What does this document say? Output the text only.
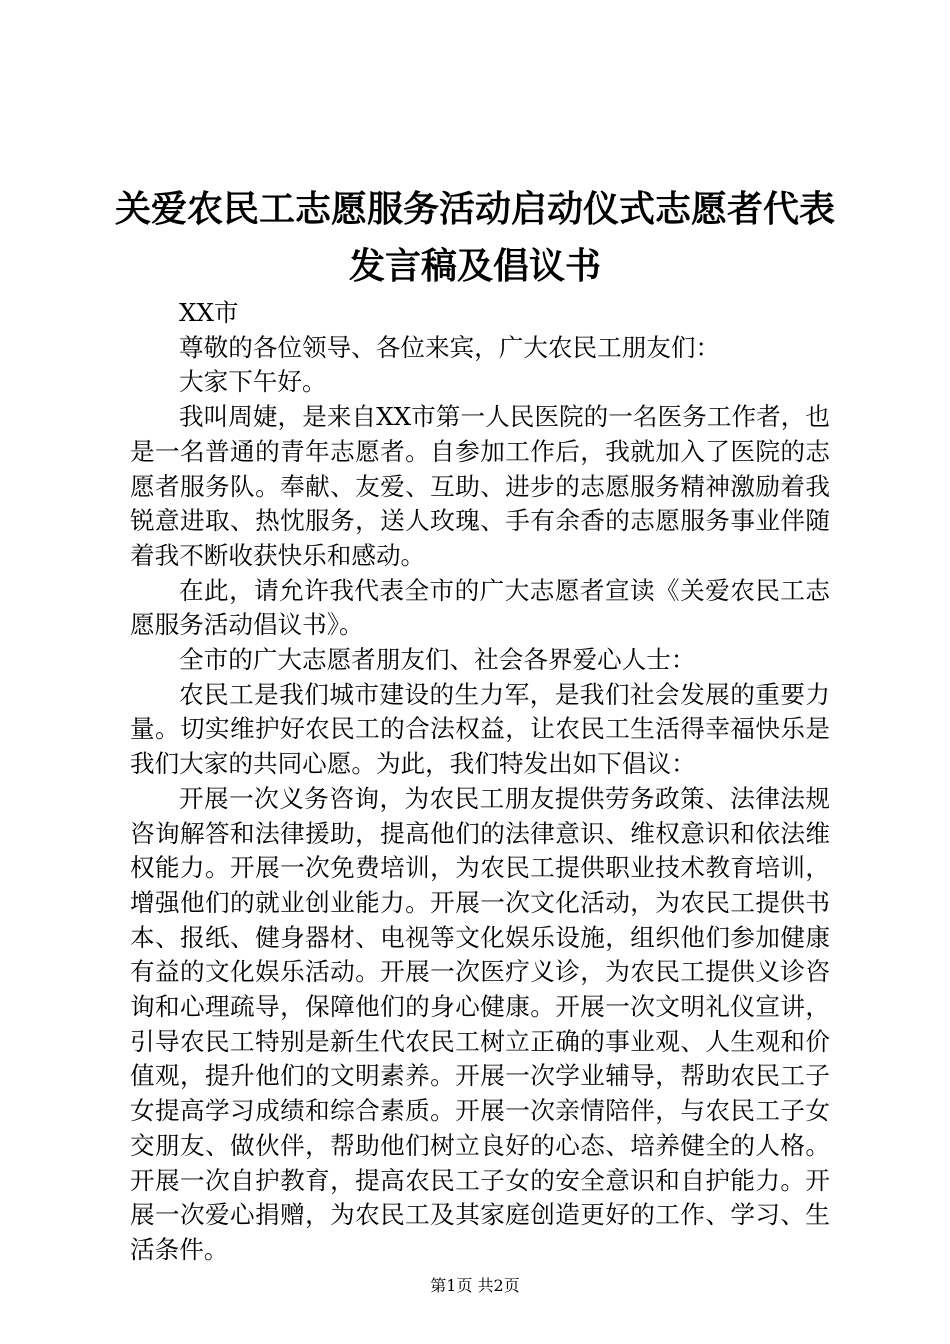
关爱农民工志愿服务活动启动仪式志愿者代表
发言稿及倡议书

XX市

尊敬的各位领导、各位来宾，广大农民工朋友们：

大家下午好。

我叫周婕，是来自XX市第一人民医院的一名医务工作者，也是一名普通的青年志愿者。自参加工作后，我就加入了医院的志愿者服务队。奉献、友爱、互助、进步的志愿服务精神激励着我锐意进取、热忱服务，送人玫瑰、手有余香的志愿服务事业伴随着我不断收获快乐和感动。

在此，请允许我代表全市的广大志愿者宣读《关爱农民工志愿服务活动倡议书》。

全市的广大志愿者朋友们、社会各界爱心人士：

农民工是我们城市建设的生力军，是我们社会发展的重要力量。切实维护好农民工的合法权益，让农民工生活得幸福快乐是我们大家的共同心愿。为此，我们特发出如下倡议：

开展一次义务咨询，为农民工朋友提供劳务政策、法律法规咨询解答和法律援助，提高他们的法律意识、维权意识和依法维权能力。开展一次免费培训，为农民工提供职业技术教育培训，增强他们的就业创业能力。开展一次文化活动，为农民工提供书本、报纸、健身器材、电视等文化娱乐设施，组织他们参加健康有益的文化娱乐活动。开展一次医疗义诊，为农民工提供义诊咨询和心理疏导，保障他们的身心健康。开展一次文明礼仪宣讲，引导农民工特别是新生代农民工树立正确的事业观、人生观和价值观，提升他们的文明素养。开展一次学业辅导，帮助农民工子女提高学习成绩和综合素质。开展一次亲情陪伴，与农民工子女交朋友、做伙伴，帮助他们树立良好的心态、培养健全的人格。开展一次自护教育，提高农民工子女的安全意识和自护能力。开展一次爱心捐赠，为农民工及其家庭创造更好的工作、学习、生活条件。

第1页 共2页
